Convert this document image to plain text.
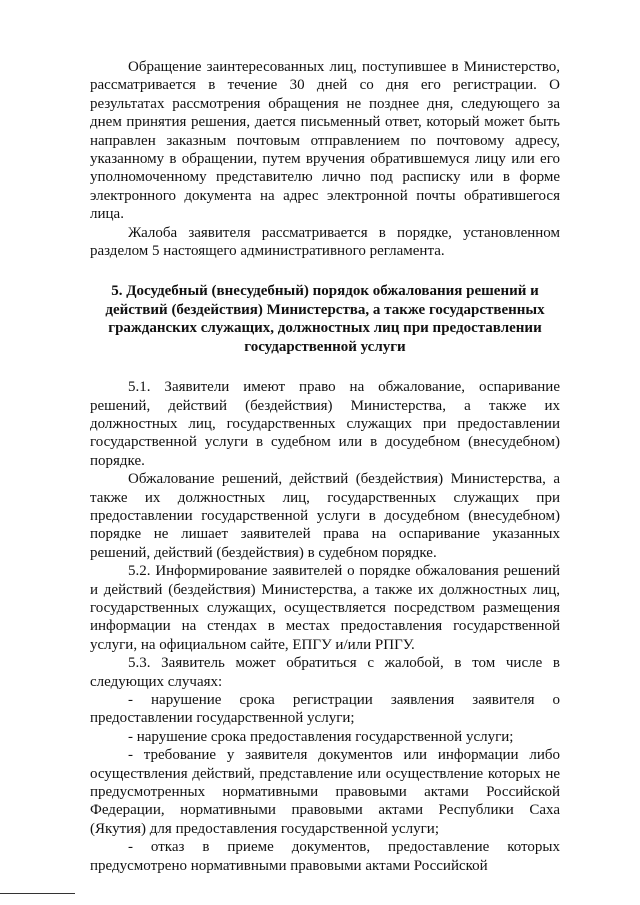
Обращение заинтересованных лиц, поступившее в Министерство, рассматривается в течение 30 дней со дня его регистрации. О результатах рассмотрения обращения не позднее дня, следующего за днем принятия решения, дается письменный ответ, который может быть направлен заказным почтовым отправлением по почтовому адресу, указанному в обращении, путем вручения обратившемуся лицу или его уполномоченному представителю лично под расписку или в форме электронного документа на адрес электронной почты обратившегося лица.

Жалоба заявителя рассматривается в порядке, установленном разделом 5 настоящего административного регламента.

5. Досудебный (внесудебный) порядок обжалования решений и действий (бездействия) Министерства, а также государственных гражданских служащих, должностных лиц при предоставлении государственной услуги

5.1. Заявители имеют право на обжалование, оспаривание решений, действий (бездействия) Министерства, а также их должностных лиц, государственных служащих при предоставлении государственной услуги в судебном или в досудебном (внесудебном) порядке.

Обжалование решений, действий (бездействия) Министерства, а также их должностных лиц, государственных служащих при предоставлении государственной услуги в досудебном (внесудебном) порядке не лишает заявителей права на оспаривание указанных решений, действий (бездействия) в судебном порядке.

5.2. Информирование заявителей о порядке обжалования решений и действий (бездействия) Министерства, а также их должностных лиц, государственных служащих, осуществляется посредством размещения информации на стендах в местах предоставления государственной услуги, на официальном сайте, ЕПГУ и/или РПГУ.

5.3. Заявитель может обратиться с жалобой, в том числе в следующих случаях:

- нарушение срока регистрации заявления заявителя о предоставлении государственной услуги;

- нарушение срока предоставления государственной услуги;

- требование у заявителя документов или информации либо осуществления действий, представление или осуществление которых не предусмотренных нормативными правовыми актами Российской Федерации, нормативными правовыми актами Республики Саха (Якутия) для предоставления государственной услуги;

- отказ в приеме документов, предоставление которых предусмотрено нормативными правовыми актами Российской
